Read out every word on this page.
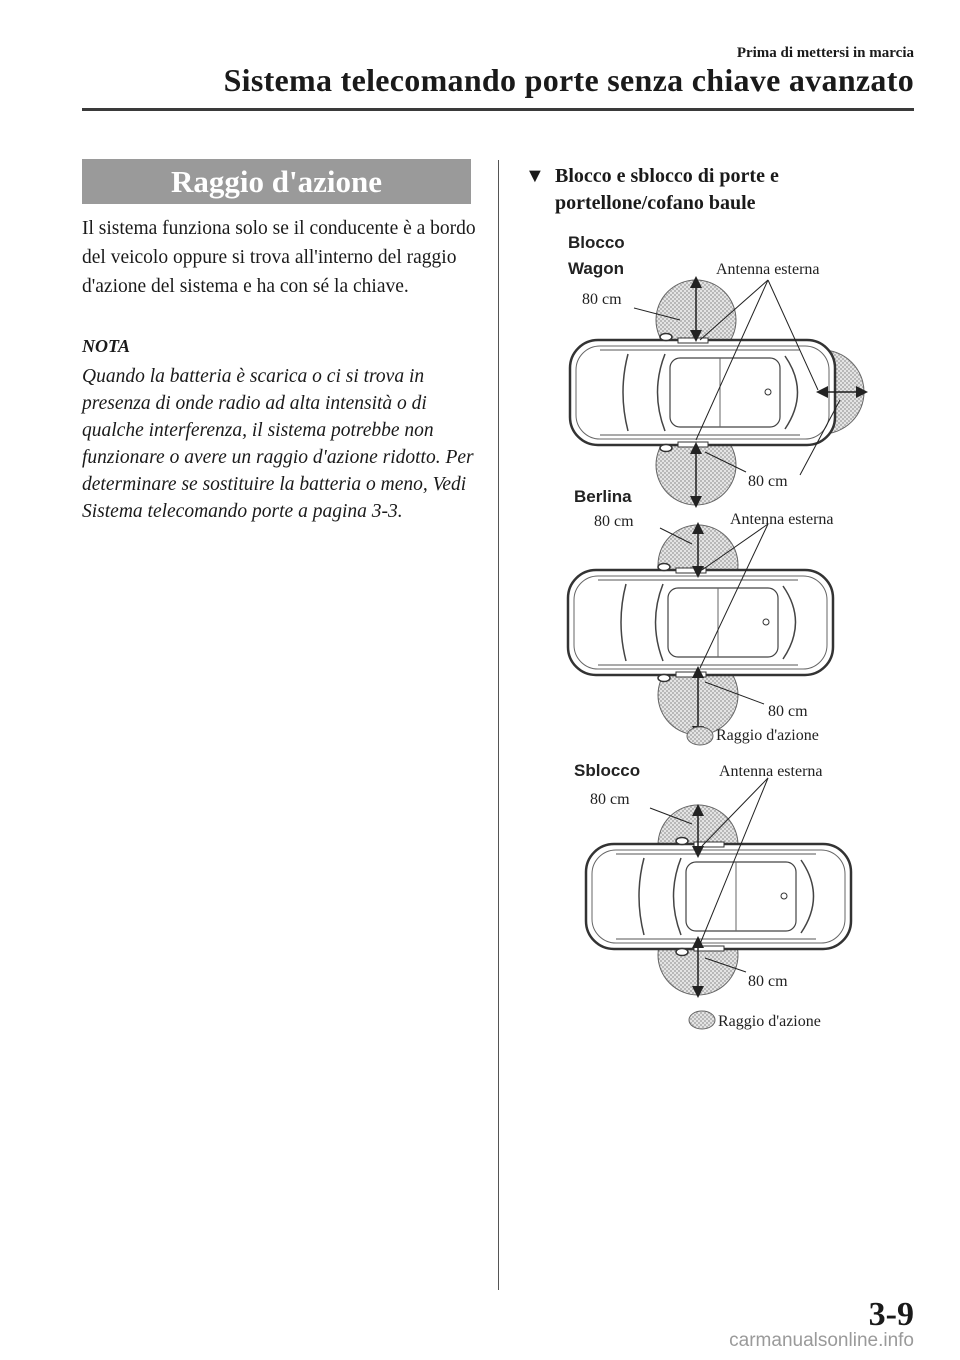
Prima di mettersi in marcia
Sistema telecomando porte senza chiave avanzato
Raggio d'azione

Il sistema funziona solo se il conducente è a bordo del veicolo oppure si trova all'interno del raggio d'azione del sistema e ha con sé la chiave.

NOTA

Quando la batteria è scarica o ci si trova in presenza di onde radio ad alta intensità o di qualche interferenza, il sistema potrebbe non funzionare o avere un raggio d'azione ridotto. Per determinare se sostituire la batteria o meno, Vedi Sistema telecomando porte a pagina 3-3.

▼ Blocco e sblocco di porte e portellone/cofano baule
Blocco
Wagon	Antenna esterna
80 cm
80 cm
Berlina
Antenna esterna
80 cm
80 cm
Raggio d'azione
Sblocco	Antenna esterna
80 cm
80 cm
Raggio d'azione
3-9
carmanualsonline.info
